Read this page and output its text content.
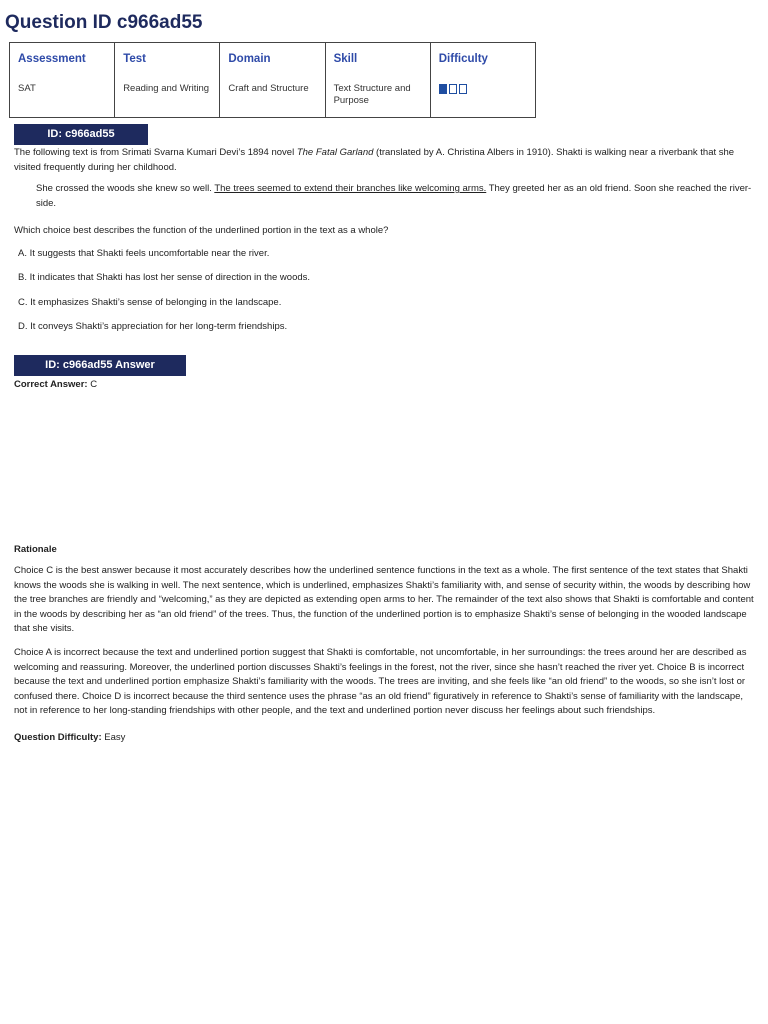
Question ID c966ad55
Assessment	Test	Domain	Skill	Difficulty
SAT	Reading and Writing	Craft and Structure	Text Structure and Purpose	
ID: c966ad55

The following text is from Srimati Svarna Kumari Devi’s 1894 novel The Fatal Garland (translated by A. Christina Albers in 1910). Shakti is walking near a riverbank that she visited frequently during her childhood.

She crossed the woods she knew so well. The trees seemed to extend their branches like welcoming arms. They greeted her as an old friend. Soon she reached the river-side.

Which choice best describes the function of the underlined portion in the text as a whole?

A. It suggests that Shakti feels uncomfortable near the river.

B. It indicates that Shakti has lost her sense of direction in the woods.

C. It emphasizes Shakti’s sense of belonging in the landscape.

D. It conveys Shakti’s appreciation for her long-term friendships.

ID: c966ad55 Answer

Correct Answer: C

Rationale

Choice C is the best answer because it most accurately describes how the underlined sentence functions in the text as a whole. The first sentence of the text states that Shakti knows the woods she is walking in well. The next sentence, which is underlined, emphasizes Shakti’s familiarity with, and sense of security within, the woods by describing how the tree branches are friendly and “welcoming,” as they are depicted as extending open arms to her. The remainder of the text also shows that Shakti is comfortable and content in the woods by describing her as “an old friend” of the trees. Thus, the function of the underlined portion is to emphasize Shakti’s sense of belonging in the wooded landscape that she visits.

Choice A is incorrect because the text and underlined portion suggest that Shakti is comfortable, not uncomfortable, in her surroundings: the trees around her are described as welcoming and reassuring. Moreover, the underlined portion discusses Shakti’s feelings in the forest, not the river, since she hasn’t reached the river yet. Choice B is incorrect because the text and underlined portion emphasize Shakti’s familiarity with the woods. The trees are inviting, and she feels like “an old friend” to the woods, so she isn’t lost or confused there. Choice D is incorrect because the third sentence uses the phrase “as an old friend” figuratively in reference to Shakti’s sense of familiarity with the landscape, not in reference to her long-standing friendships with other people, and the text and underlined portion never discuss her feelings about such friendships.

Question Difficulty: Easy
